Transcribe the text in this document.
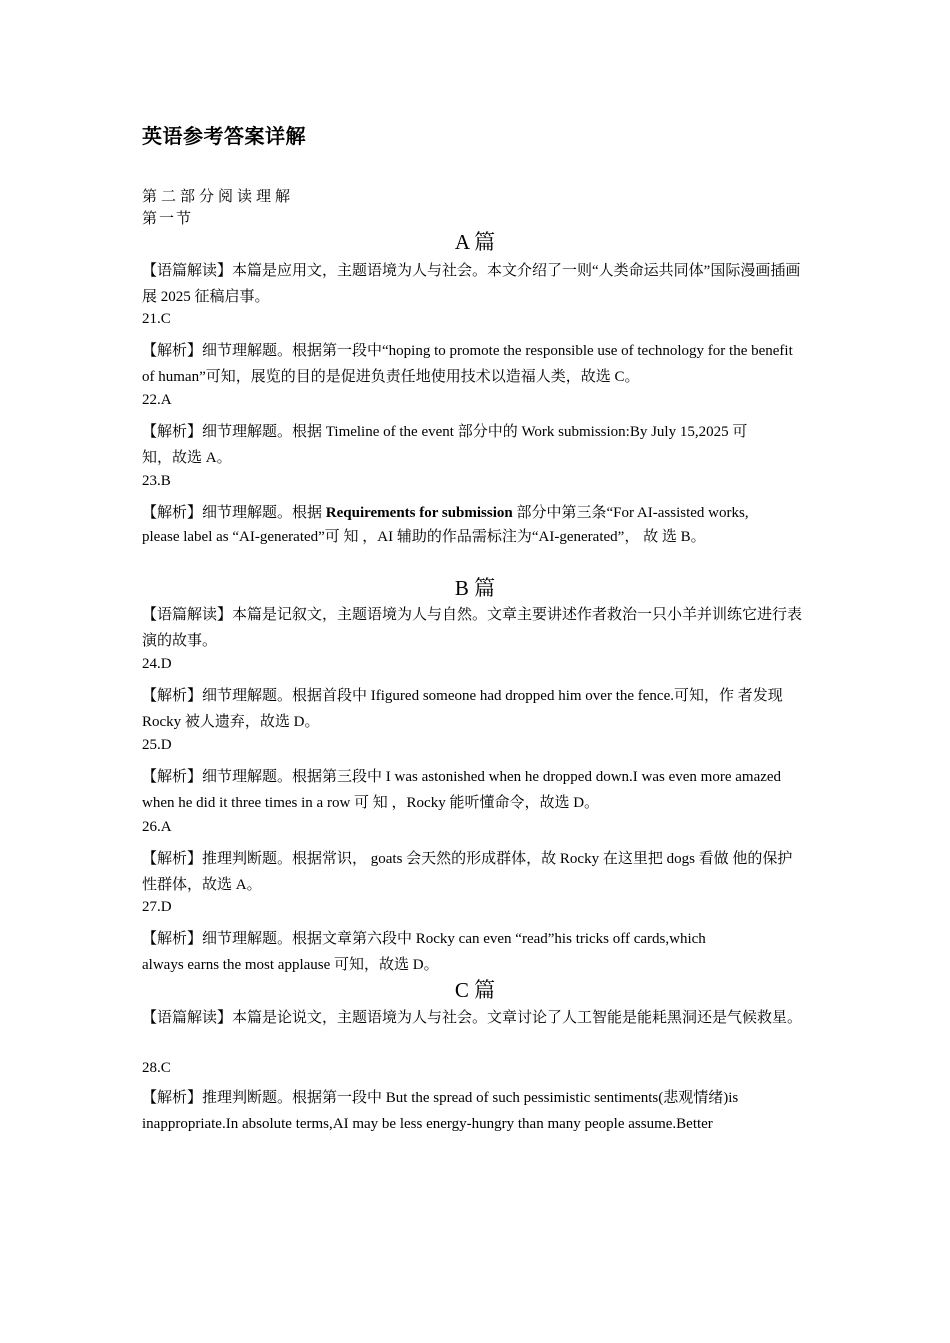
英语参考答案详解
第二部分阅读理解
第一节
A 篇
【语篇解读】本篇是应用文，主题语境为人与社会。本文介绍了一则“人类命运共同体”国际漫画插画展 2025 征稿启事。
21.C
【解析】细节理解题。根据第一段中“hoping to promote the responsible use of technology for the benefit of human”可知，展览的目的是促进负责任地使用技术以造福人类，故选 C。
22.A
【解析】细节理解题。根据 Timeline of the event 部分中的 Work submission:By July 15,2025 可知，故选 A。
23.B
【解析】细节理解题。根据 Requirements for submission 部分中第三条“For AI-assisted works, please label as “AI-generated”可 知 ，AI 辅助的作品需标注为“AI-generated”， 故 选 B。
B 篇
【语篇解读】本篇是记叙文，主题语境为人与自然。文章主要讲述作者救治一只小羊并训练它进行表演的故事。
24.D
【解析】细节理解题。根据首段中 Ifigured someone had dropped him over the fence.可知，作 者发现 Rocky 被人遗弃，故选 D。
25.D
【解析】细节理解题。根据第三段中 I was astonished when he dropped down.I was even more amazed when he did it three times in a row 可 知 ，Rocky 能听懂命令，故选 D。
26.A
【解析】推理判断题。根据常识， goats 会天然的形成群体，故 Rocky 在这里把 dogs 看做 他的保护性群体，故选 A。
27.D
【解析】细节理解题。根据文章第六段中 Rocky can even “read”his tricks off cards,which always earns the most applause 可知，故选 D。
C 篇
【语篇解读】本篇是论说文，主题语境为人与社会。文章讨论了人工智能是能耗黑洞还是气候救星。
28.C
【解析】推理判断题。根据第一段中 But the spread of such pessimistic sentiments(悲观情绪)is inappropriate.In absolute terms,AI may be less energy-hungry than many people assume.Better
